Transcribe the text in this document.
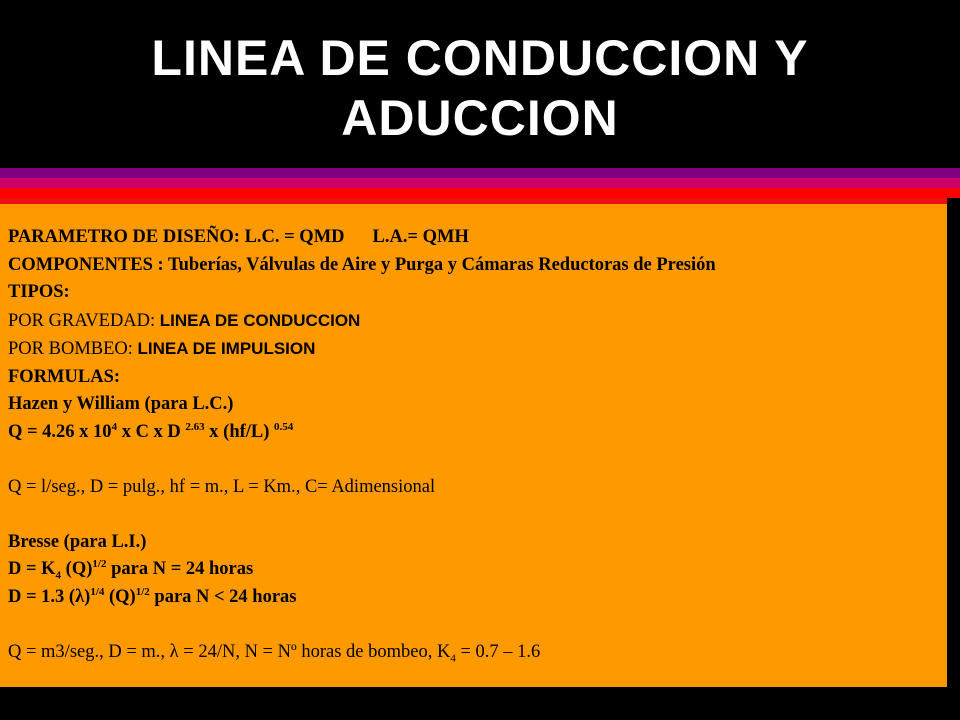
LINEA DE CONDUCCION Y
ADUCCION
PARAMETRO DE DISEÑO: L.C. = QMD L.A.= QMH
COMPONENTES : Tuberías, Válvulas de Aire y Purga y Cámaras Reductoras de Presión
TIPOS:
POR GRAVEDAD: LINEA DE CONDUCCION
POR BOMBEO: LINEA DE IMPULSION
FORMULAS:
Hazen y William (para L.C.)
Q = 4.26 x $10^4$ x C x D $^{2.63}$ x (hf/L) $^{0.54}$
Q = l/seg., D = pulg., hf = m., L = Km., C= Adimensional
Bresse (para L.I.)
$D = K_4$ $(Q)^{1/2}$ para N = 24 horas
D = 1.3 $(\lambda)^{1/4}$ $(Q)^{1/2}$ para N < 24 horas
Q = m3/seg., D = m., λ = 24/N, N = Nº horas de bombeo, $K_4 = 0.7 - 1.6$
